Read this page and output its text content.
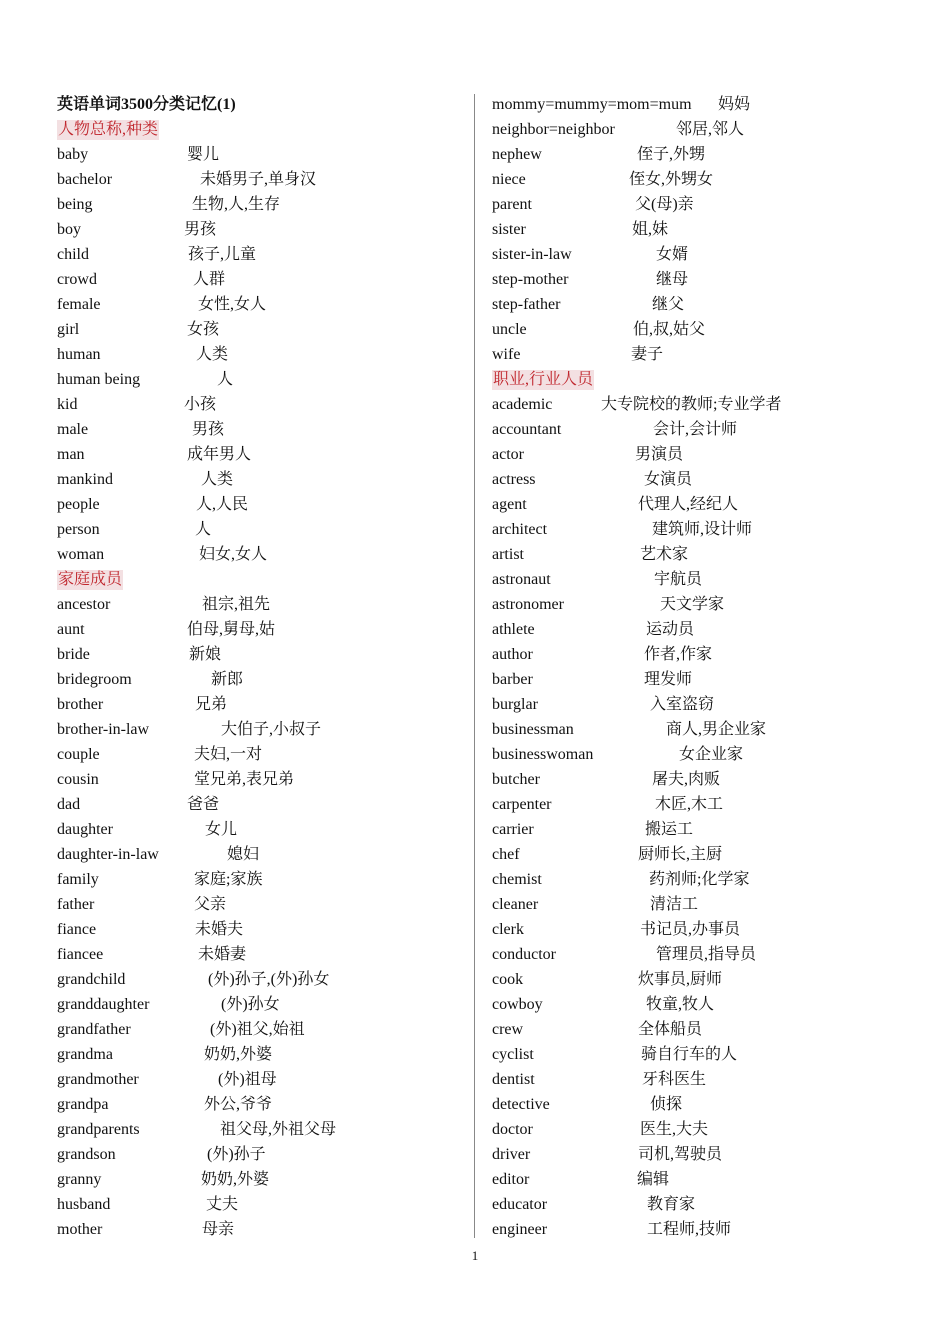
英语单词3500分类记忆(1)
人物总称,种类
baby	婴儿
bachelor	未婚男子,单身汉
being	生物,人,生存
boy	男孩
child	孩子,儿童
crowd	人群
female	女性,女人
girl	女孩
human	人类
human being	人
kid	小孩
male	男孩
man	成年男人
mankind	人类
people	人,人民
person	人
woman	妇女,女人
家庭成员
ancestor	祖宗,祖先
aunt	伯母,舅母,姑
bride	新娘
bridegroom	新郎
brother	兄弟
brother-in-law	大伯子,小叔子
couple	夫妇,一对
cousin	堂兄弟,表兄弟
dad	爸爸
daughter	女儿
daughter-in-law	媳妇
family	家庭;家族
father	父亲
fiance	未婚夫
fiancee	未婚妻
grandchild	(外)孙子,(外)孙女
granddaughter	(外)孙女
grandfather	(外)祖父,始祖
grandma	奶奶,外婆
grandmother	(外)祖母
grandpa	外公,爷爷
grandparents	祖父母,外祖父母
grandson	(外)孙子
granny	奶奶,外婆
husband	丈夫
mother	母亲
mommy=mummy=mom=mum 妈妈
neighbor=neighbor	邻居,邻人
nephew	侄子,外甥
niece	侄女,外甥女
parent	父(母)亲
sister	姐,妹
sister-in-law	女婿
step-mother	继母
step-father	继父
uncle	伯,叔,姑父
wife	妻子
职业,行业人员
academic	大专院校的教师;专业学者
accountant	会计,会计师
actor	男演员
actress	女演员
agent	代理人,经纪人
architect	建筑师,设计师
artist	艺术家
astronaut	宇航员
astronomer	天文学家
athlete	运动员
author	作者,作家
barber	理发师
burglar	入室盗窃
businessman	商人,男企业家
businesswoman	女企业家
butcher	屠夫,肉贩
carpenter	木匠,木工
carrier	搬运工
chef	厨师长,主厨
chemist	药剂师;化学家
cleaner	清洁工
clerk	书记员,办事员
conductor	管理员,指导员
cook	炊事员,厨师
cowboy	牧童,牧人
crew	全体船员
cyclist	骑自行车的人
dentist	牙科医生
detective	侦探
doctor	医生,大夫
driver	司机,驾驶员
editor	编辑
educator	教育家
engineer	工程师,技师
1
